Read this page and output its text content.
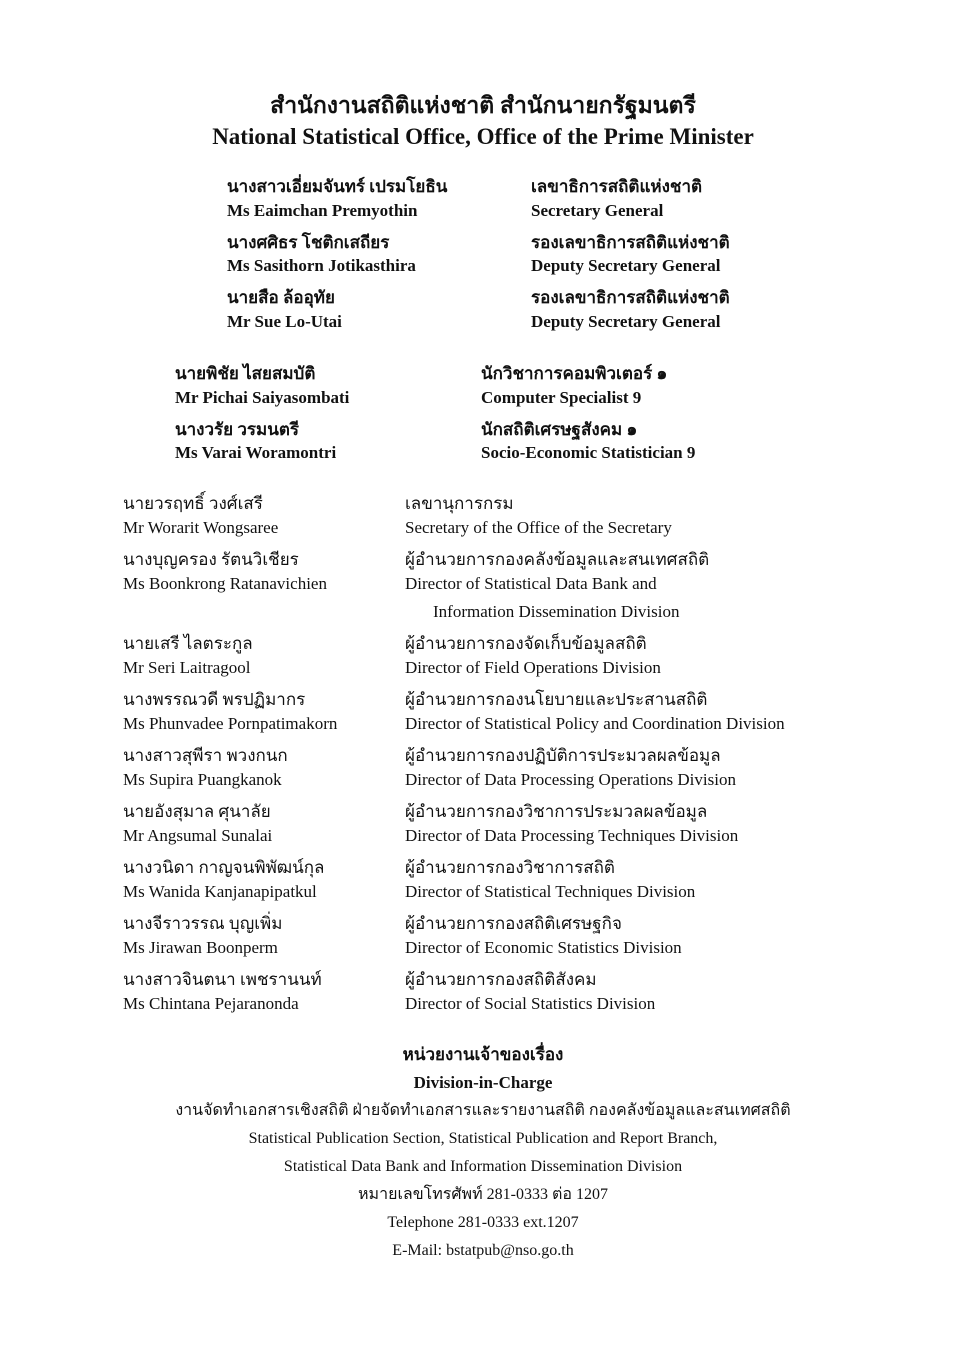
สำนักงานสถิติแห่งชาติ สำนักนายกรัฐมนตรี
National Statistical Office, Office of the Prime Minister
นางสาวเอี่ยมจันทร์ เปรมโยธิน	เลขาธิการสถิติแห่งชาติ
Ms Eaimchan Premyothin	Secretary General
นางศศิธร โชติกเสถียร	รองเลขาธิการสถิติแห่งชาติ
Ms Sasithorn Jotikasthira	Deputy Secretary General
นายสือ ล้ออุทัย	รองเลขาธิการสถิติแห่งชาติ
Mr Sue Lo-Utai	Deputy Secretary General
นายพิชัย ไสยสมบัติ	นักวิชาการคอมพิวเตอร์ ๑
Mr Pichai Saiyasombati	Computer Specialist 9
นางวรัย วรมนตรี	นักสถิติเศรษฐสังคม ๑
Ms Varai Woramontri	Socio-Economic Statistician 9
นายวรฤทธิ์ วงศ์เสรี	เลขานุการกรม
Mr Worarit Wongsaree	Secretary of the Office of the Secretary
นางบุญครอง รัตนวิเชียร	ผู้อำนวยการกองคลังข้อมูลและสนเทศสถิติ
Ms Boonkrong Ratanavichien	Director of Statistical Data Bank and
Information Dissemination Division
นายเสรี ไลตระกูล	ผู้อำนวยการกองจัดเก็บข้อมูลสถิติ
Mr Seri Laitragool	Director of Field Operations Division
นางพรรณวดี พรปฏิมากร	ผู้อำนวยการกองนโยบายและประสานสถิติ
Ms Phunvadee Pornpatimakorn	Director of Statistical Policy and Coordination Division
นางสาวสุพีรา พวงกนก	ผู้อำนวยการกองปฏิบัติการประมวลผลข้อมูล
Ms Supira Puangkanok	Director of Data Processing Operations Division
นายอังสุมาล ศุนาลัย	ผู้อำนวยการกองวิชาการประมวลผลข้อมูล
Mr Angsumal Sunalai	Director of Data Processing Techniques Division
นางวนิดา กาญจนพิพัฒน์กุล	ผู้อำนวยการกองวิชาการสถิติ
Ms Wanida Kanjanapipatkul	Director of Statistical Techniques Division
นางจีราวรรณ บุญเพิ่ม	ผู้อำนวยการกองสถิติเศรษฐกิจ
Ms Jirawan Boonperm	Director of Economic Statistics Division
นางสาวจินตนา เพชรานนท์	ผู้อำนวยการกองสถิติสังคม
Ms Chintana Pejaranonda	Director of Social Statistics Division
หน่วยงานเจ้าของเรื่อง
Division-in-Charge
งานจัดทำเอกสารเชิงสถิติ ฝ่ายจัดทำเอกสารและรายงานสถิติ กองคลังข้อมูลและสนเทศสถิติ
Statistical Publication Section, Statistical Publication and Report Branch,
Statistical Data Bank and Information Dissemination Division
หมายเลขโทรศัพท์ 281-0333 ต่อ 1207
Telephone 281-0333 ext.1207
E-Mail: bstatpub@nso.go.th
